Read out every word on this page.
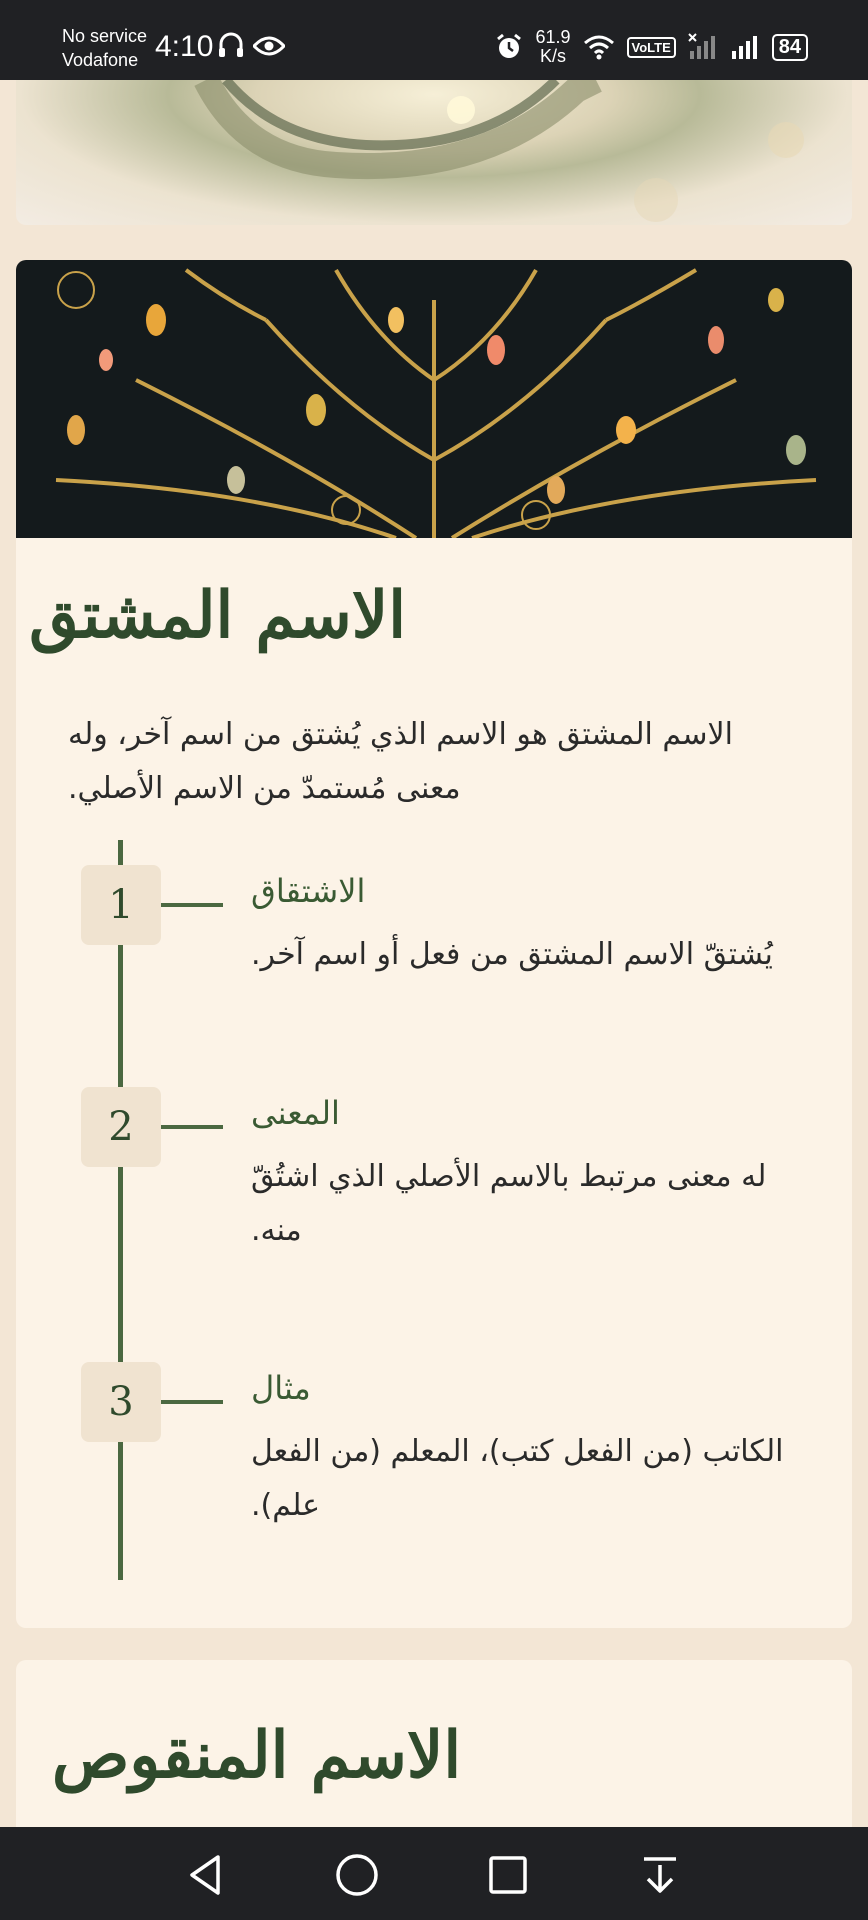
No service
Vodafone 4:10	61.9
K/s	VoLTE	84
الاسم المشتق

الاسم المشتق هو الاسم الذي يُشتق من اسم آخر، وله معنى مُستمدّ من الاسم الأصلي.

1	الاشتقاق
يُشتقّ الاسم المشتق من فعل أو اسم آخر.
2	المعنى
له معنى مرتبط بالاسم الأصلي الذي اشتُقّ منه.
3	مثال
الكاتب (من الفعل كتب)، المعلم (من الفعل علم).
الاسم المنقوص
